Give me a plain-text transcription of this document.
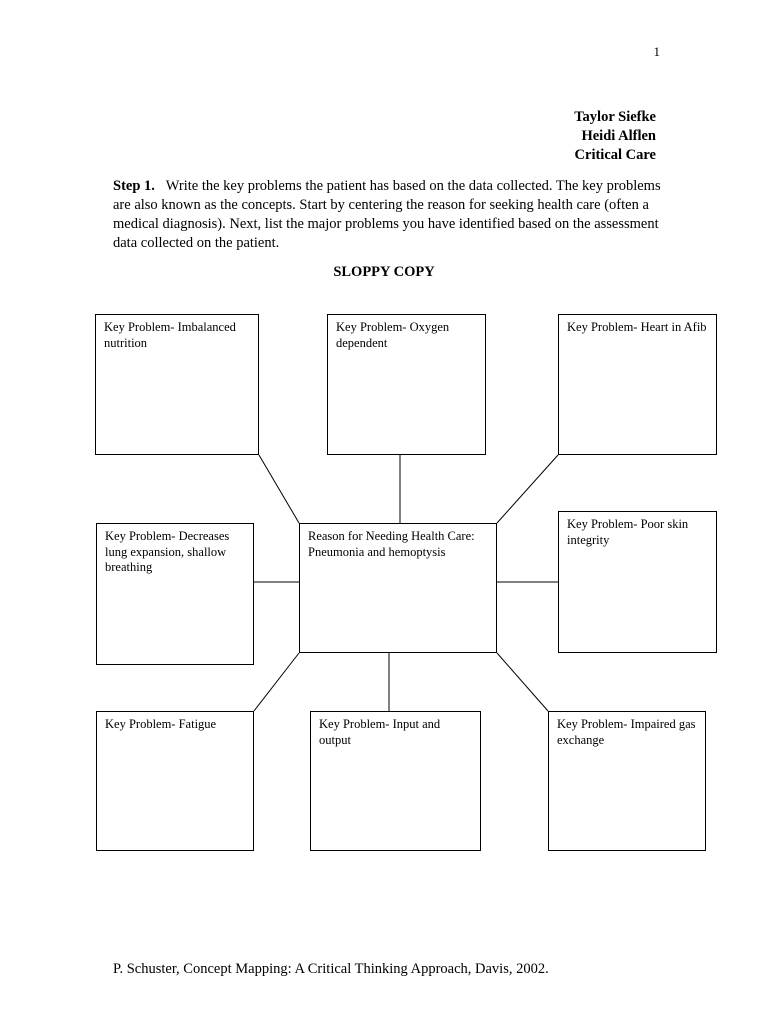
1
Taylor Siefke
Heidi Alflen
Critical Care
Step 1. Write the key problems the patient has based on the data collected. The key problems are also known as the concepts. Start by centering the reason for seeking health care (often a medical diagnosis). Next, list the major problems you have identified based on the assessment data collected on the patient.
SLOPPY COPY
Key Problem- Imbalanced nutrition
Key Problem- Oxygen dependent
Key Problem- Heart in Afib
Key Problem- Decreases lung expansion, shallow breathing
Reason for Needing Health Care: Pneumonia and hemoptysis
Key Problem- Poor skin integrity
Key Problem- Fatigue	Key Problem- Input and output
Key Problem- Impaired gas exchange
P. Schuster, Concept Mapping: A Critical Thinking Approach, Davis, 2002.
